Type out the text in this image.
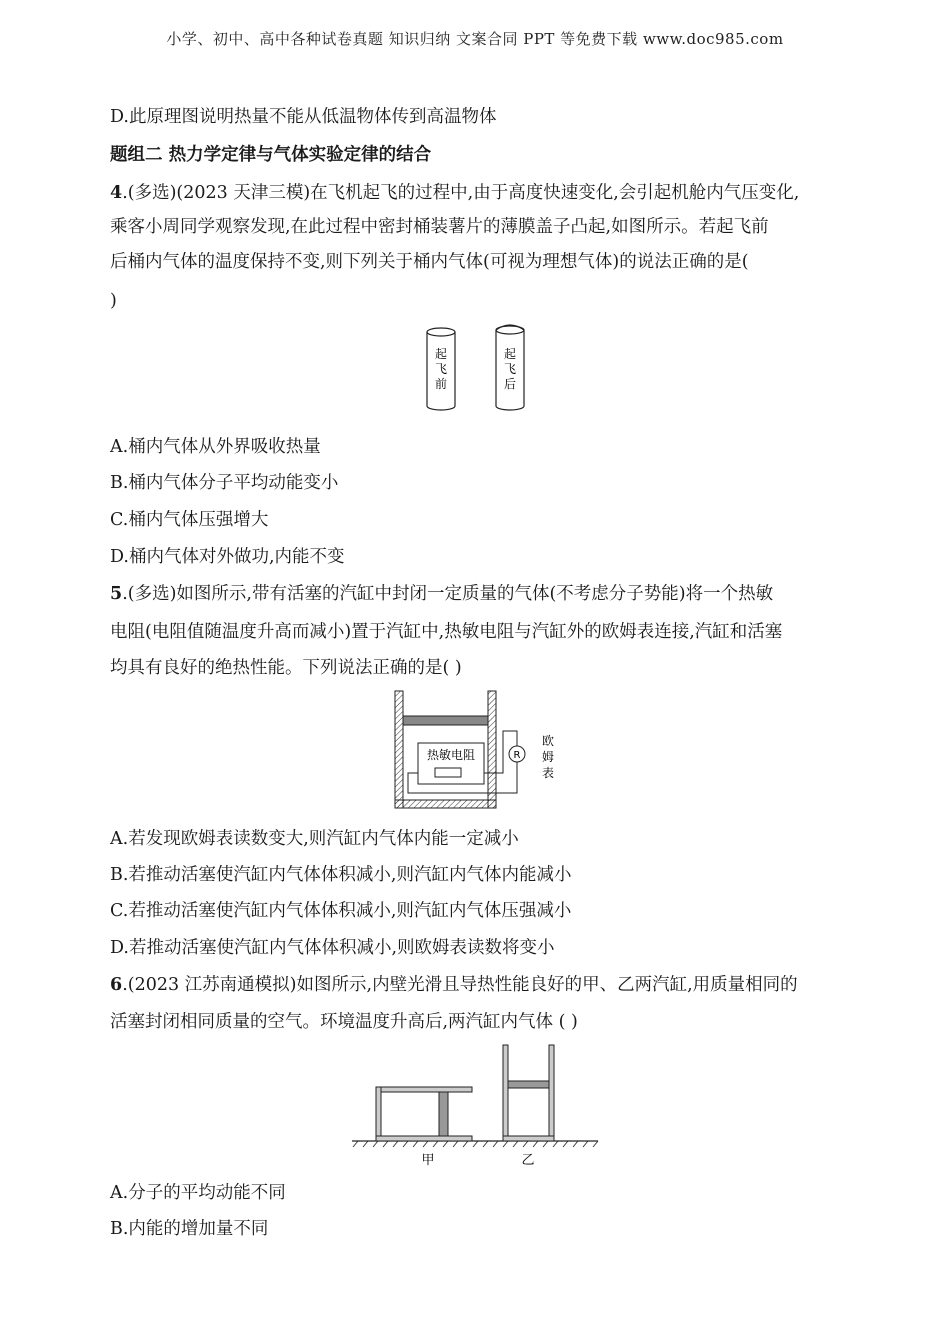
小学、初中、高中各种试卷真题 知识归纳 文案合同 PPT 等免费下载 www.doc985.com
D.此原理图说明热量不能从低温物体传到高温物体
题组二 热力学定律与气体实验定律的结合
4.(多选)(2023 天津三模)在飞机起飞的过程中,由于高度快速变化,会引起机舱内气压变化,
乘客小周同学观察发现,在此过程中密封桶装薯片的薄膜盖子凸起,如图所示。若起飞前
后桶内气体的温度保持不变,则下列关于桶内气体(可视为理想气体)的说法正确的是(
)
起
飞
前
起
飞
后
A.桶内气体从外界吸收热量
B.桶内气体分子平均动能变小
C.桶内气体压强增大
D.桶内气体对外做功,内能不变
5.(多选)如图所示,带有活塞的汽缸中封闭一定质量的气体(不考虑分子势能)将一个热敏
电阻(电阻值随温度升高而减小)置于汽缸中,热敏电阻与汽缸外的欧姆表连接,汽缸和活塞
均具有良好的绝热性能。下列说法正确的是( )
热敏电阻	R
欧
姆
表
A.若发现欧姆表读数变大,则汽缸内气体内能一定减小
B.若推动活塞使汽缸内气体体积减小,则汽缸内气体内能减小
C.若推动活塞使汽缸内气体体积减小,则汽缸内气体压强减小
D.若推动活塞使汽缸内气体体积减小,则欧姆表读数将变小
6.(2023 江苏南通模拟)如图所示,内壁光滑且导热性能良好的甲、乙两汽缸,用质量相同的
活塞封闭相同质量的空气。环境温度升高后,两汽缸内气体 ( )
甲	乙
A.分子的平均动能不同
B.内能的增加量不同
